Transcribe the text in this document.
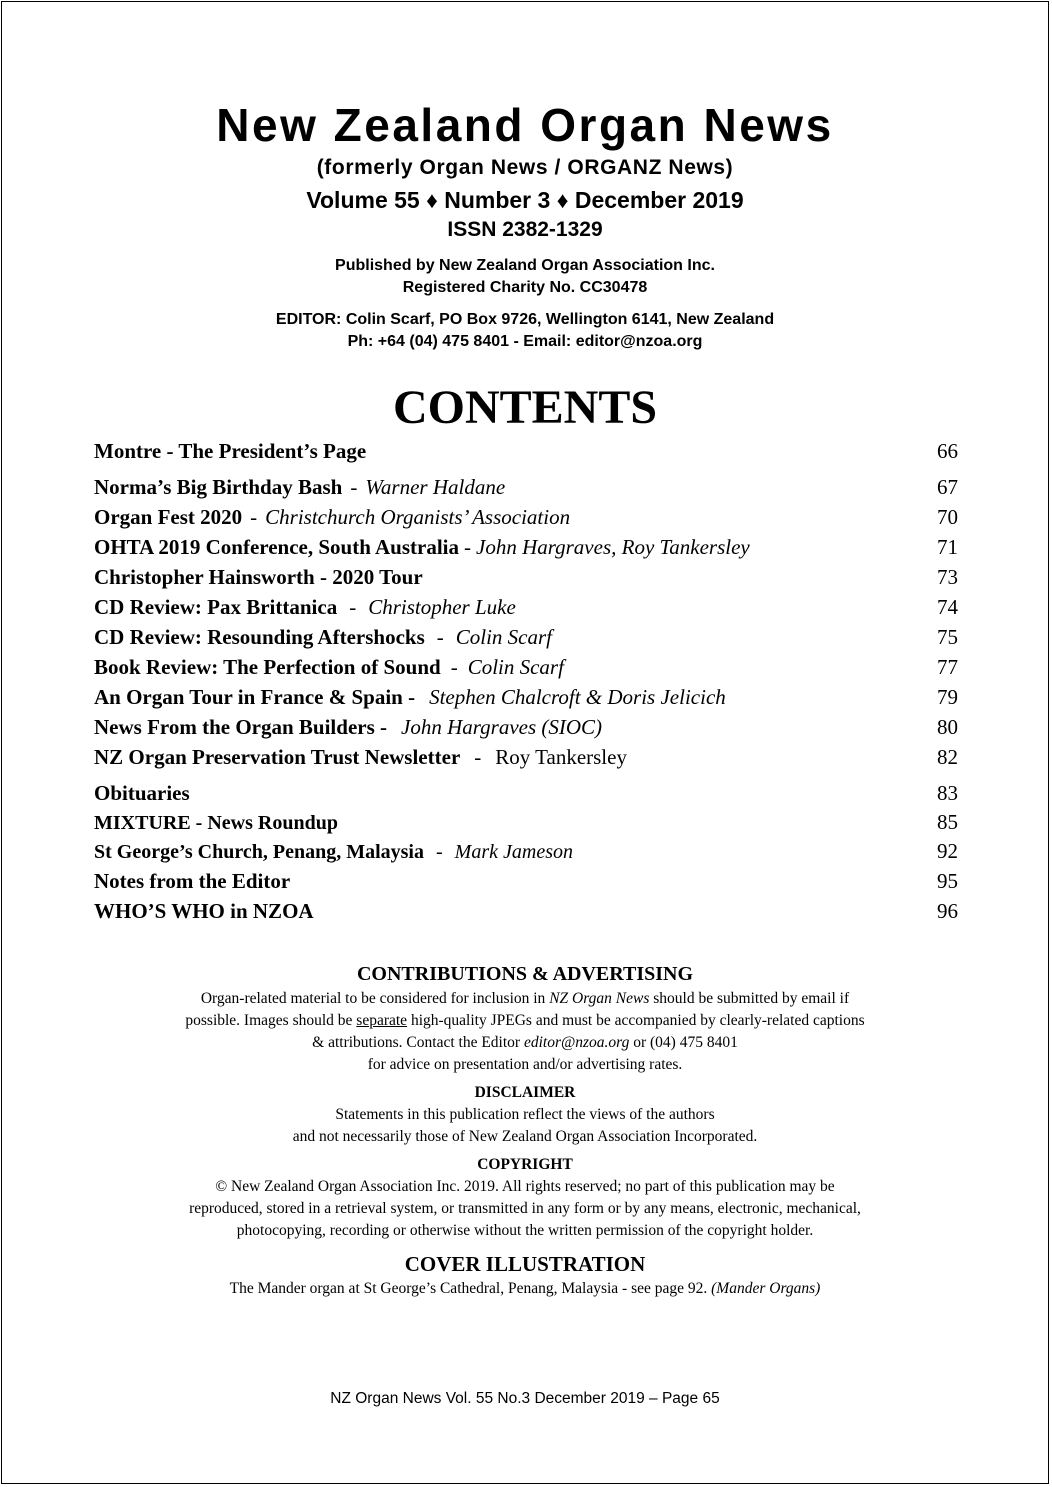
New Zealand Organ News
(formerly Organ News / ORGANZ News)
Volume 55 ♦ Number 3 ♦ December 2019
ISSN 2382-1329
Published by New Zealand Organ Association Inc.
Registered Charity No. CC30478
EDITOR: Colin Scarf, PO Box 9726, Wellington 6141, New Zealand
Ph: +64 (04) 475 8401 - Email: editor@nzoa.org
CONTENTS
Montre - The President’s Page	66
Norma’s Big Birthday Bash - Warner Haldane	67
Organ Fest 2020 - Christchurch Organists’ Association	70
OHTA 2019 Conference, South Australia - John Hargraves, Roy Tankersley	71
Christopher Hainsworth - 2020 Tour	73
CD Review: Pax Brittanica - Christopher Luke	74
CD Review: Resounding Aftershocks - Colin Scarf	75
Book Review: The Perfection of Sound - Colin Scarf	77
An Organ Tour in France & Spain - Stephen Chalcroft & Doris Jelicich	79
News From the Organ Builders - John Hargraves (SIOC)	80
NZ Organ Preservation Trust Newsletter - Roy Tankersley	82
Obituaries	83
MIXTURE - News Roundup	85
St George’s Church, Penang, Malaysia - Mark Jameson	92
Notes from the Editor	95
WHO’S WHO in NZOA	96
CONTRIBUTIONS & ADVERTISING
Organ-related material to be considered for inclusion in NZ Organ News should be submitted by email if
possible. Images should be separate high-quality JPEGs and must be accompanied by clearly-related captions
& attributions. Contact the Editor editor@nzoa.org or (04) 475 8401
for advice on presentation and/or advertising rates.
DISCLAIMER
Statements in this publication reflect the views of the authors
and not necessarily those of New Zealand Organ Association Incorporated.
COPYRIGHT
© New Zealand Organ Association Inc. 2019. All rights reserved; no part of this publication may be
reproduced, stored in a retrieval system, or transmitted in any form or by any means, electronic, mechanical,
photocopying, recording or otherwise without the written permission of the copyright holder.
COVER ILLUSTRATION
The Mander organ at St George’s Cathedral, Penang, Malaysia - see page 92. (Mander Organs)
NZ Organ News Vol. 55 No.3 December 2019 – Page 65
